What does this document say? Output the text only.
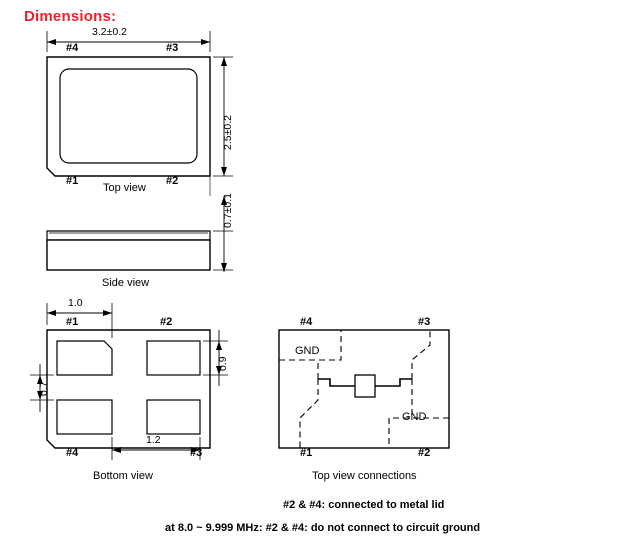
Dimensions:
3.2±0.2
2.5±0.2
#4	#3
#1	#2
Top view
0.7±0.1
Side view
1.0
0.9
0.7
1.2
#1	#2
#4	#3
Bottom view
#4	#3
#1	#2
GND
GND
Top view connections
#2 & #4: connected to metal lid
at 8.0 ~ 9.999 MHz: #2 & #4: do not connect to circuit ground
